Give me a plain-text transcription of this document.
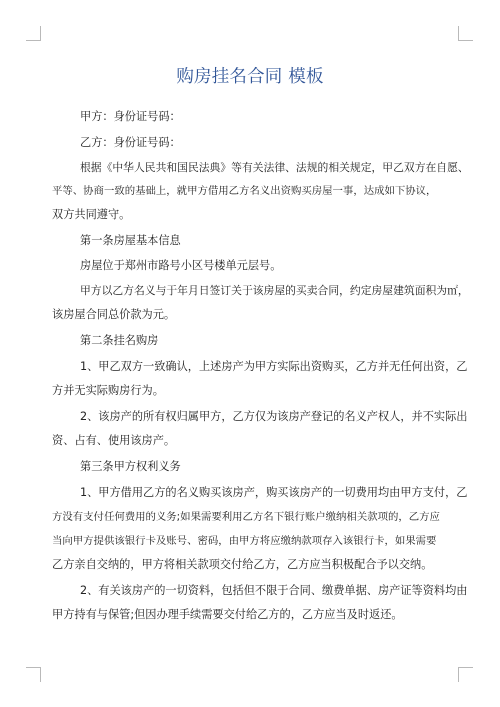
购房挂名合同 模板
甲方：身份证号码：
乙方：身份证号码：
根据《中华人民共和国民法典》等有关法律、法规的相关规定，甲乙双方在自愿、
平等、协商一致的基础上，就甲方借用乙方名义出资购买房屋一事，达成如下协议，
双方共同遵守。
第一条房屋基本信息
房屋位于郑州市路号小区号楼单元层号。
甲方以乙方名义与于年月日签订关于该房屋的买卖合同，约定房屋建筑面积为㎡，
该房屋合同总价款为元。
第二条挂名购房
1、甲乙双方一致确认，上述房产为甲方实际出资购买，乙方并无任何出资，乙
方并无实际购房行为。
2、该房产的所有权归属甲方，乙方仅为该房产登记的名义产权人，并不实际出
资、占有、使用该房产。
第三条甲方权利义务
1、甲方借用乙方的名义购买该房产，购买该房产的一切费用均由甲方支付，乙
方没有支付任何费用的义务;如果需要利用乙方名下银行账户缴纳相关款项的，乙方应
当向甲方提供该银行卡及账号、密码，由甲方将应缴纳款项存入该银行卡，如果需要
乙方亲自交纳的，甲方将相关款项交付给乙方，乙方应当积极配合予以交纳。
2、有关该房产的一切资料，包括但不限于合同、缴费单据、房产证等资料均由
甲方持有与保管;但因办理手续需要交付给乙方的，乙方应当及时返还。
